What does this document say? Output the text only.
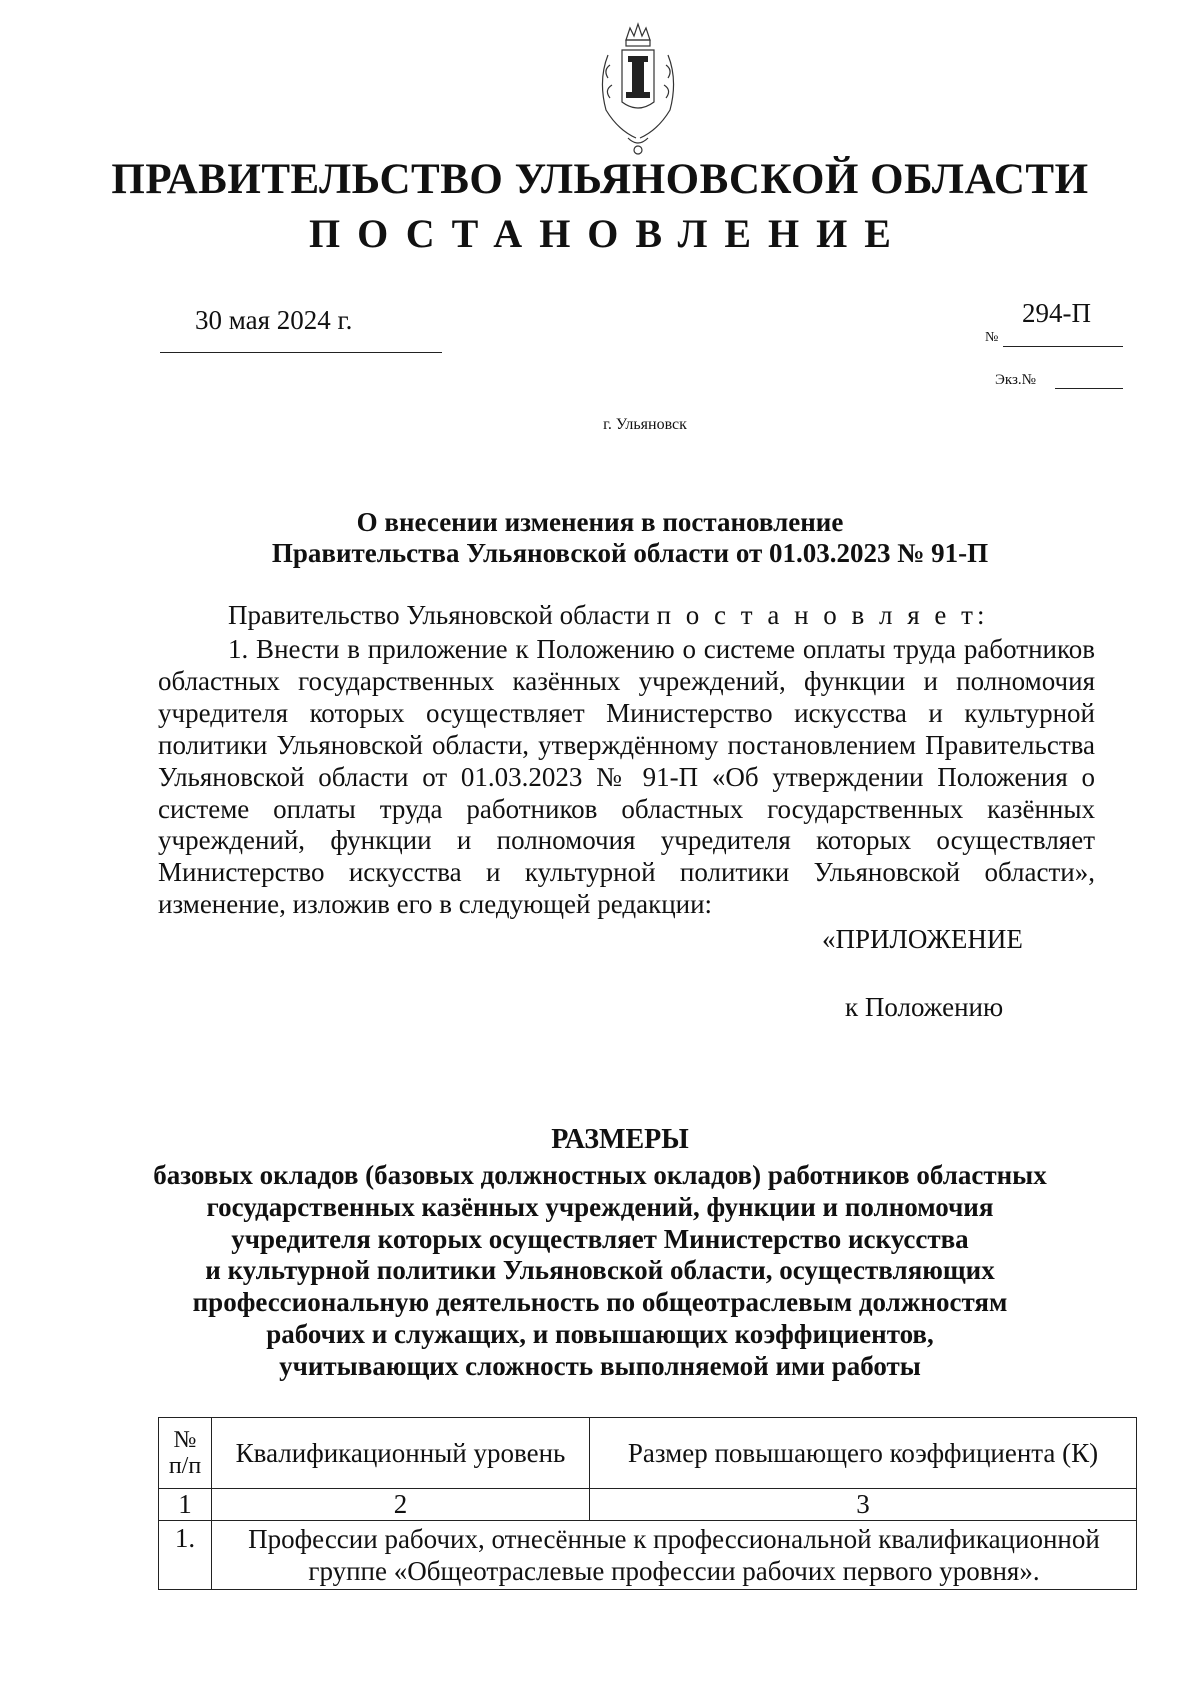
ПРАВИТЕЛЬСТВО УЛЬЯНОВСКОЙ ОБЛАСТИ
ПОСТАНОВЛЕНИЕ
30 мая 2024 г.	294-П
№
Экз.№
г. Ульяновск
О внесении изменения в постановление
Правительства Ульяновской области от 01.03.2023 № 91-П
Правительство Ульяновской области п о с т а н о в л я е т:
1. Внести в приложение к Положению о системе оплаты труда работников областных государственных казённых учреждений, функции и полномочия учредителя которых осуществляет Министерство искусства и культурной политики Ульяновской области, утверждённому постановлением Правительства Ульяновской области от 01.03.2023 № 91-П «Об утверждении Положения о системе оплаты труда работников областных государственных казённых учреждений, функции и полномочия учредителя которых осуществляет Министерство искусства и культурной политики Ульяновской области», изменение, изложив его в следующей редакции:
«ПРИЛОЖЕНИЕ
к Положению
РАЗМЕРЫ
базовых окладов (базовых должностных окладов) работников областных
государственных казённых учреждений, функции и полномочия
учредителя которых осуществляет Министерство искусства
и культурной политики Ульяновской области, осуществляющих
профессиональную деятельность по общеотраслевым должностям
рабочих и служащих, и повышающих коэффициентов,
учитывающих сложность выполняемой ими работы
№
п/п	Квалификационный уровень	Размер повышающего коэффициента (К)
1	2	3
1.	Профессии рабочих, отнесённые к профессиональной квалификационной группе «Общеотраслевые профессии рабочих первого уровня».	
